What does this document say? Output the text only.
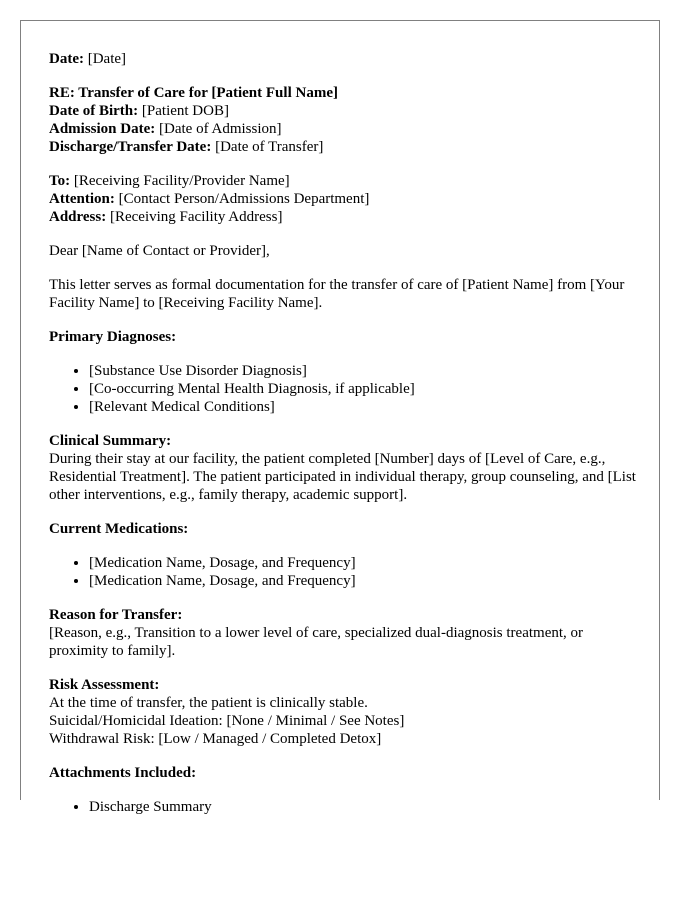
Date: [Date]

RE: Transfer of Care for [Patient Full Name]
Date of Birth: [Patient DOB]
Admission Date: [Date of Admission]
Discharge/Transfer Date: [Date of Transfer]

To: [Receiving Facility/Provider Name]
Attention: [Contact Person/Admissions Department]
Address: [Receiving Facility Address]

Dear [Name of Contact or Provider],

This letter serves as formal documentation for the transfer of care of [Patient Name] from [Your Facility Name] to [Receiving Facility Name].

Primary Diagnoses:

• [Substance Use Disorder Diagnosis]
• [Co-occurring Mental Health Diagnosis, if applicable]
• [Relevant Medical Conditions]

Clinical Summary:
During their stay at our facility, the patient completed [Number] days of [Level of Care, e.g., Residential Treatment]. The patient participated in individual therapy, group counseling, and [List other interventions, e.g., family therapy, academic support].

Current Medications:

• [Medication Name, Dosage, and Frequency]
• [Medication Name, Dosage, and Frequency]

Reason for Transfer:
[Reason, e.g., Transition to a lower level of care, specialized dual-diagnosis treatment, or proximity to family].

Risk Assessment:
At the time of transfer, the patient is clinically stable.
Suicidal/Homicidal Ideation: [None / Minimal / See Notes]
Withdrawal Risk: [Low / Managed / Completed Detox]

Attachments Included:

• Discharge Summary
